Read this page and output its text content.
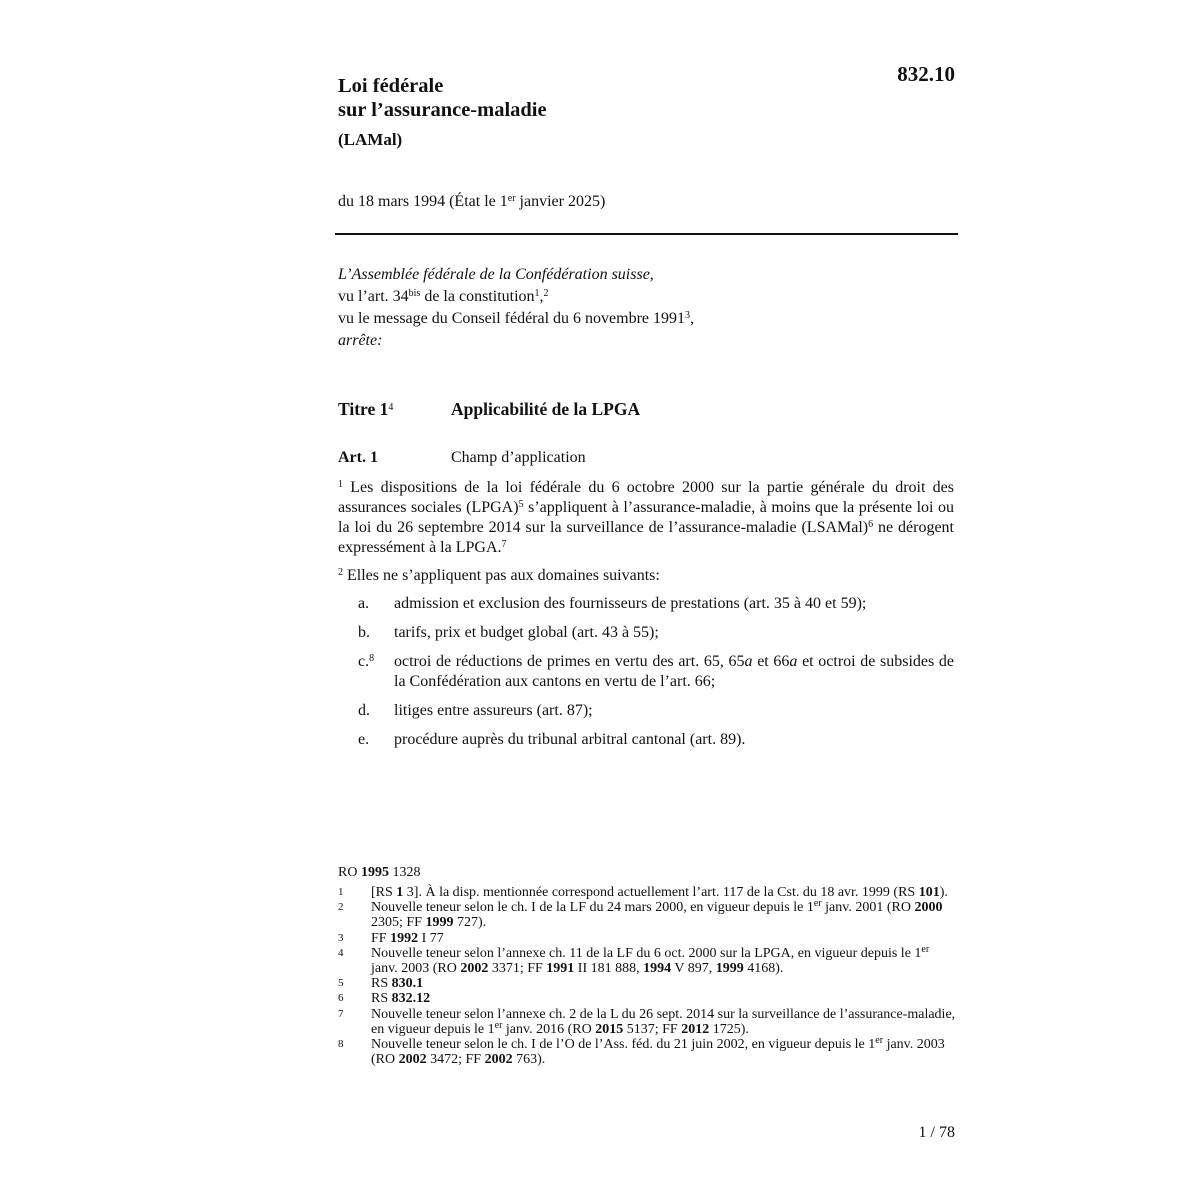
Loi fédérale
sur l’assurance-maladie
(LAMal)
832.10
du 18 mars 1994 (État le 1er janvier 2025)
L’Assemblée fédérale de la Confédération suisse,
vu l’art. $34^{bis}$ de la constitution$^1$,$^2$
vu le message du Conseil fédéral du 6 novembre 1991$^3$,
arrête:
Titre $1^4$	Applicabilité de la LPGA
Art. 1	Champ d’application
$^1$ Les dispositions de la loi fédérale du 6 octobre 2000 sur la partie générale du droit des assurances sociales (LPGA)$^5$ s’appliquent à l’assurance-maladie, à moins que la présente loi ou la loi du 26 septembre 2014 sur la surveillance de l’assurance-maladie (LSAMal)$^6$ ne dérogent expressément à la LPGA.$^7$
$^2$ Elles ne s’appliquent pas aux domaines suivants:
a.	admission et exclusion des fournisseurs de prestations (art. 35 à 40 et 59);
b.	tarifs, prix et budget global (art. 43 à 55);
c.$^8$	octroi de réductions de primes en vertu des art. 65, 65a et 66a et octroi de subsides de la Confédération aux cantons en vertu de l’art. 66;
d.	litiges entre assureurs (art. 87);
e.	procédure auprès du tribunal arbitral cantonal (art. 89).
RO 1995 1328
1	[RS 1 3]. À la disp. mentionnée correspond actuellement l’art. 117 de la Cst. du 18 avr. 1999 (RS 101).
2	Nouvelle teneur selon le ch. I de la LF du 24 mars 2000, en vigueur depuis le 1er janv. 2001 (RO 2000 2305; FF 1999 727).
3	FF 1992 I 77
4	Nouvelle teneur selon l’annexe ch. 11 de la LF du 6 oct. 2000 sur la LPGA, en vigueur depuis le 1er janv. 2003 (RO 2002 3371; FF 1991 II 181 888, 1994 V 897, 1999 4168).
5	RS 830.1
6	RS 832.12
7	Nouvelle teneur selon l’annexe ch. 2 de la L du 26 sept. 2014 sur la surveillance de l’assurance-maladie, en vigueur depuis le 1er janv. 2016 (RO 2015 5137; FF 2012 1725).
8	Nouvelle teneur selon le ch. I de l’O de l’Ass. féd. du 21 juin 2002, en vigueur depuis le 1er janv. 2003 (RO 2002 3472; FF 2002 763).
1 / 78
